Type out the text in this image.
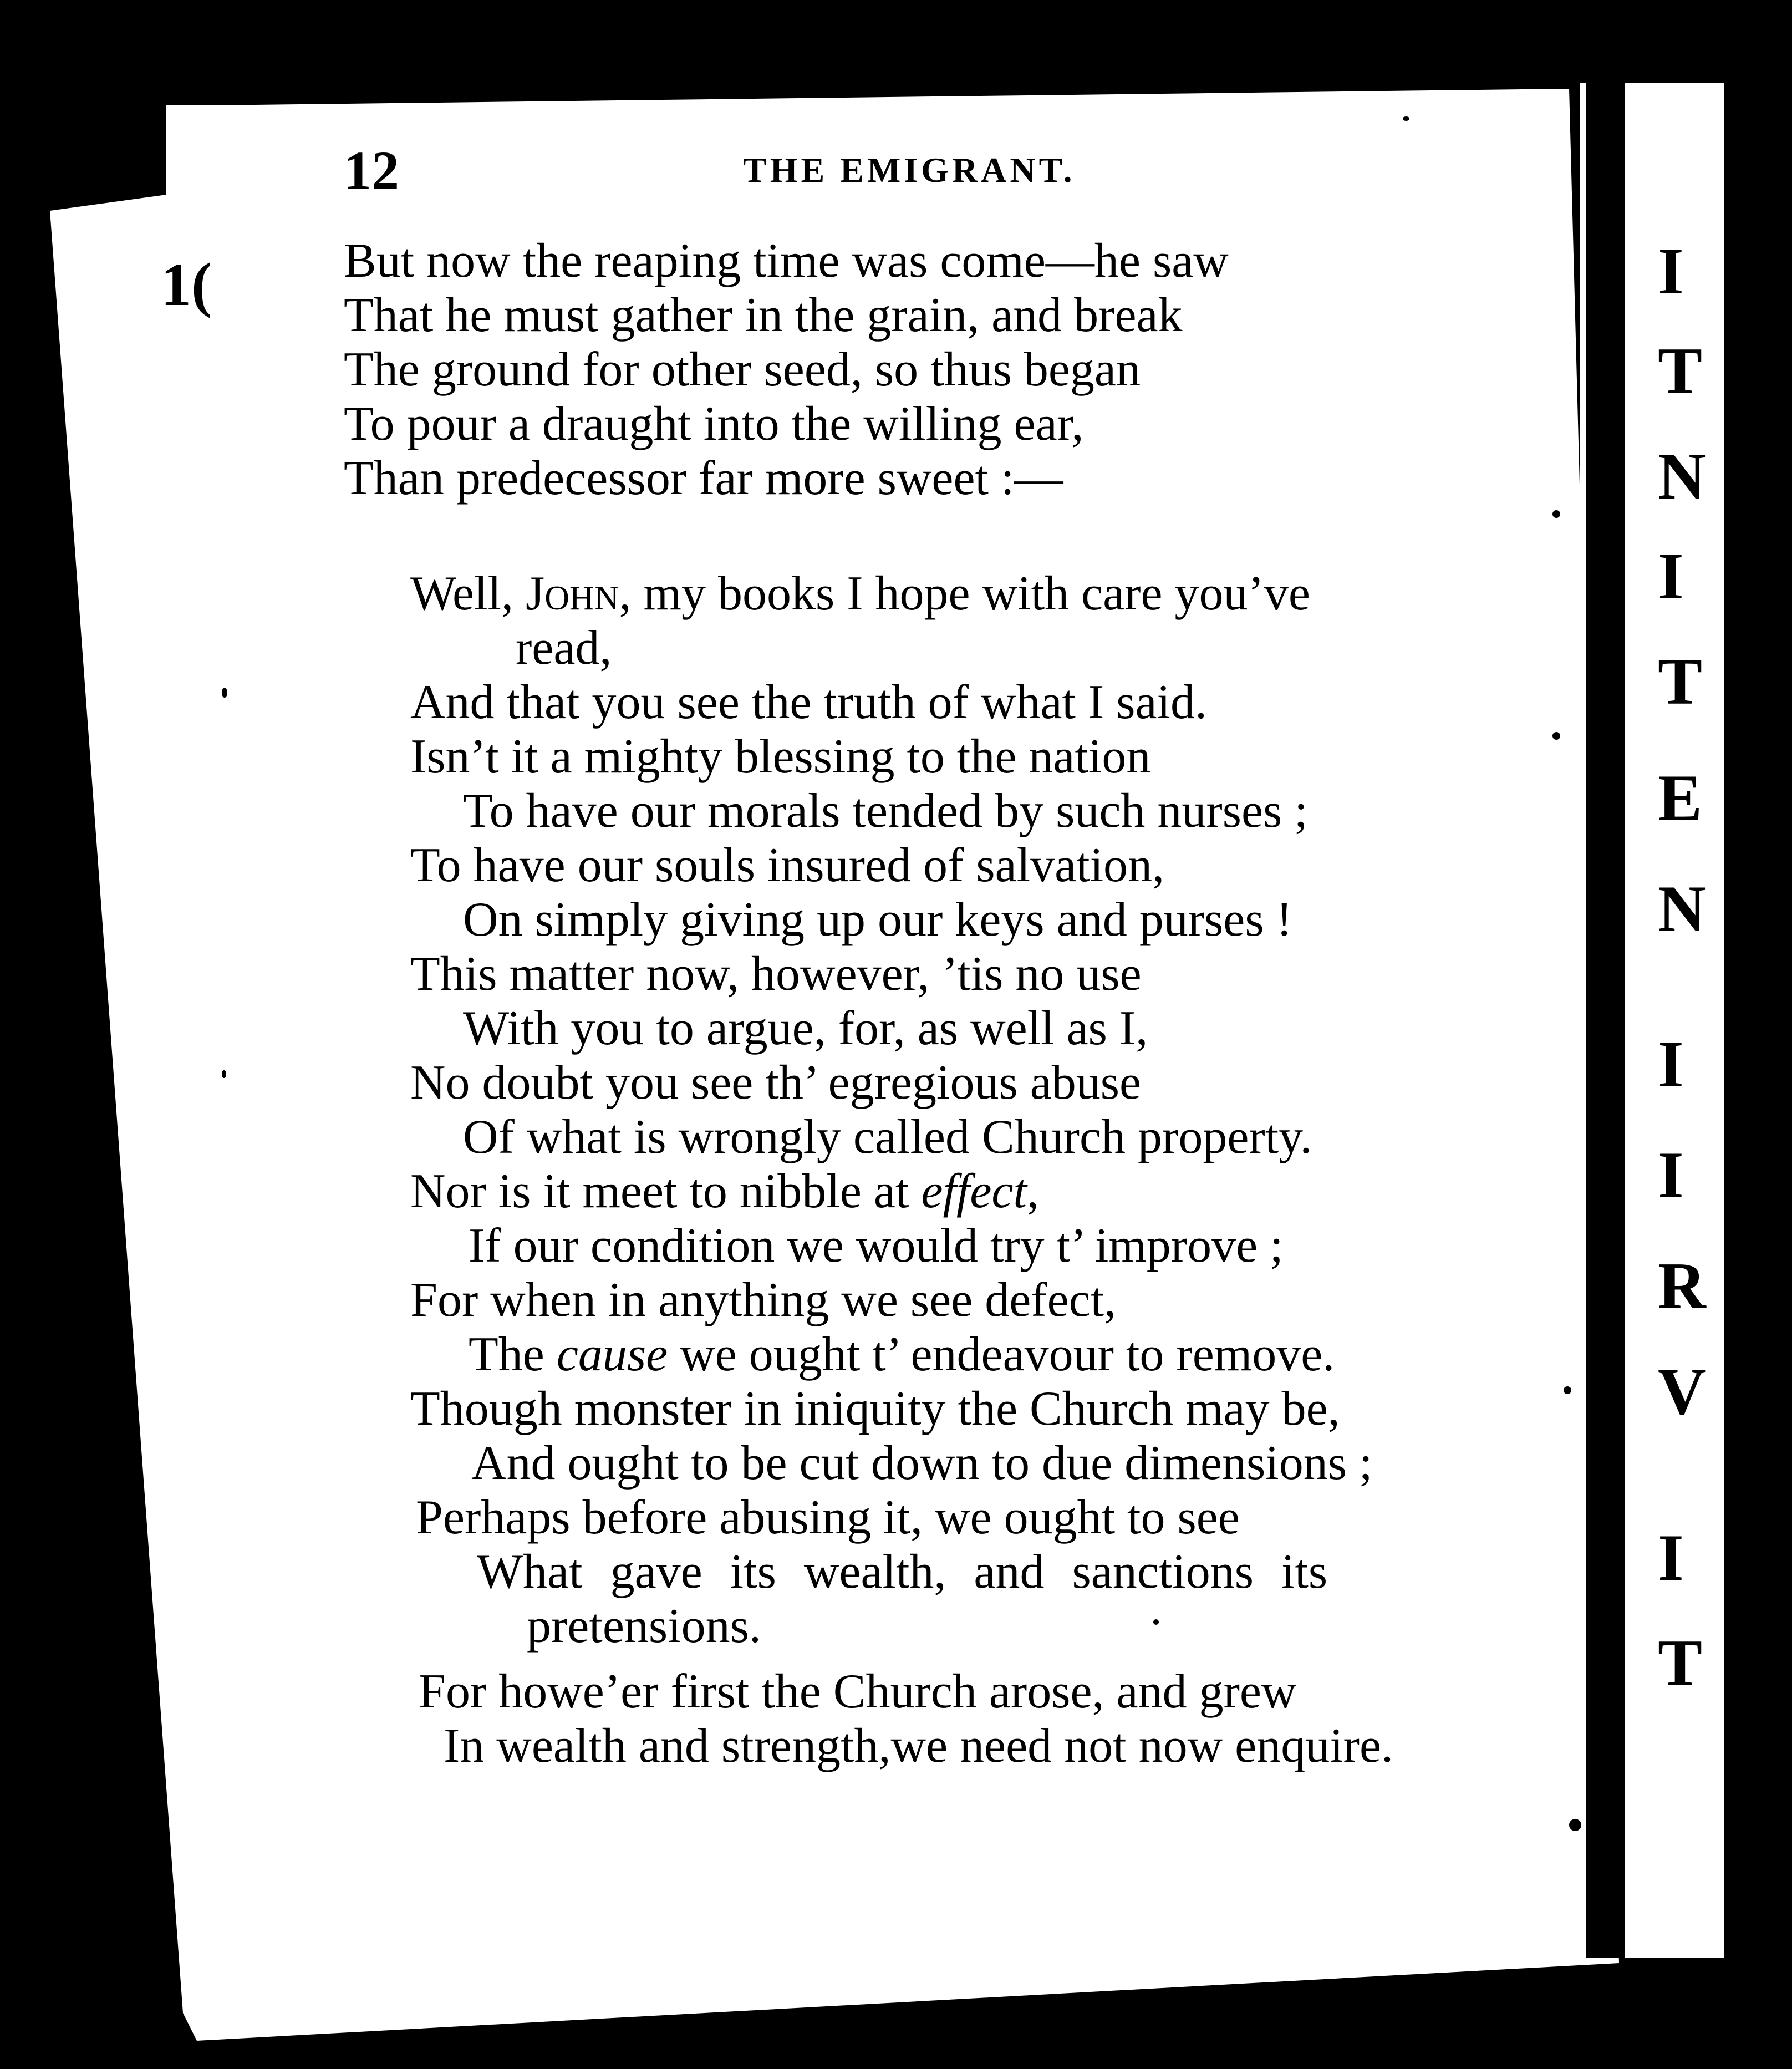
I
T
N
I
T
E
N
I
I
R
V
I
T
1(
12	THE EMIGRANT.
But now the reaping time was come—he saw
That he must gather in the grain, and break
The ground for other seed, so thus began
To pour a draught into the willing ear,
Than predecessor far more sweet :—
Well, John, my books I hope with care you’ve
read,
And that you see the truth of what I said.
Isn’t it a mighty blessing to the nation
To have our morals tended by such nurses ;
To have our souls insured of salvation,
On simply giving up our keys and purses !
This matter now, however, ’tis no use
With you to argue, for, as well as I,
No doubt you see th’ egregious abuse
Of what is wrongly called Church property.
Nor is it meet to nibble at effect,
If our condition we would try t’ improve ;
For when in anything we see defect,
The cause we ought t’ endeavour to remove.
Though monster in iniquity the Church may be,
And ought to be cut down to due dimensions ;
Perhaps before abusing it, we ought to see
What gave its wealth, and sanctions its
pretensions.
For howe’er first the Church arose, and grew
In wealth and strength,we need not now enquire.
